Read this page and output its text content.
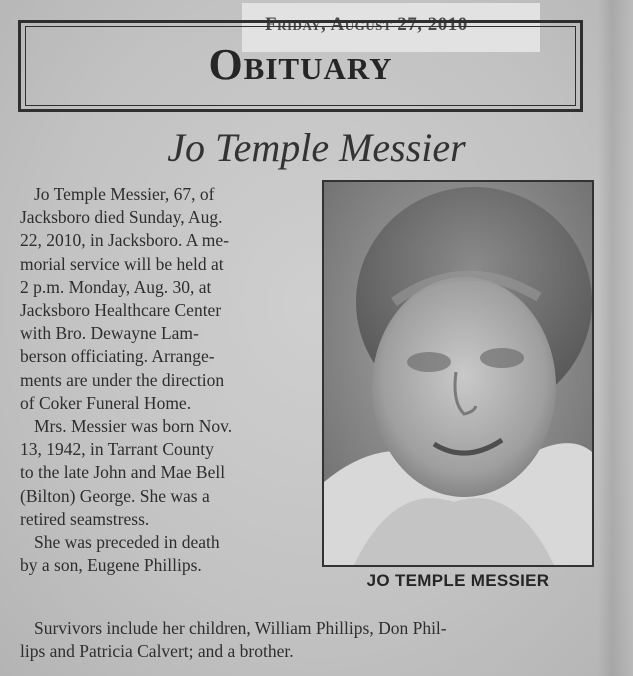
Friday, August 27, 2010
Obituary
Jo Temple Messier
Jo Temple Messier, 67, of
Jacksboro died Sunday, Aug.
22, 2010, in Jacksboro. A me-
morial service will be held at
2 p.m. Monday, Aug. 30, at
Jacksboro Healthcare Center
with Bro. Dewayne Lam-
berson officiating. Arrange-
ments are under the direction
of Coker Funeral Home.
Mrs. Messier was born Nov.
13, 1942, in Tarrant County
to the late John and Mae Bell
(Bilton) George. She was a
retired seamstress.
She was preceded in death
by a son, Eugene Phillips.
JO TEMPLE MESSIER
Survivors include her children, William Phillips, Don Phil-
lips and Patricia Calvert; and a brother.
